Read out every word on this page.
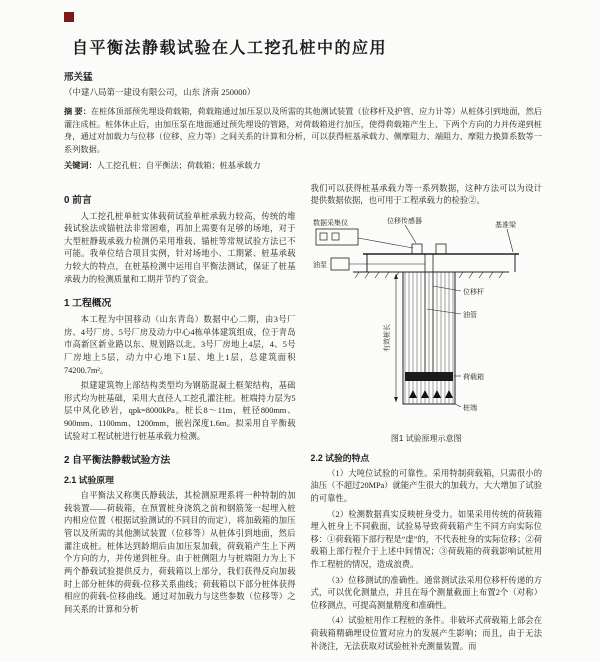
自平衡法静载试验在人工挖孔桩中的应用
邢关猛
（中建八局第一建设有限公司，山东 济南 250000）

摘 要：在桩体顶部预先埋设荷载箱，荷载箱通过加压泵以及所需的其他测试装置（位移杆及护管、应力计等）从桩体引到地面，然后灌注成桩。桩体休止后，由加压泵在地面通过预先埋设的管路，对荷载箱进行加压，使得荷载箱产生上、下两个方向的力并传递到桩身，通过对加载力与位移（位移、应力等）之间关系的计算和分析，可以获得桩基承载力、侧摩阻力、端阻力、摩阻力换算系数等一系列数据。

关键词：人工挖孔桩；自平衡法；荷载箱；桩基承载力

0 前言

人工挖孔桩单桩实体载荷试验单桩承载力较高，传统的堆载试验法或锚桩法非常困难，再加上需要有足够的场地，对于大型桩静载承载力检测仍采用堆载、锚桩等常规试验方法已不可能。我单位结合项目实例，针对场地小、工期紧、桩基承载力较大的特点，在桩基检测中运用自平衡法测试，保证了桩基承载力的检测质量和工期并节约了资金。

1 工程概况

本工程为中国移动（山东青岛）数据中心二期，由3号厂房、4号厂房、5号厂房及动力中心4栋单体建筑组成，位于青岛市高新区新业路以东、规划路以北。3号厂房地上4层，4、5号厂房地上5层，动力中心地下1层、地上1层，总建筑面积74200.7m²。

拟建建筑物上部结构类型均为钢筋混凝土框架结构，基础形式均为桩基础，采用大直径人工挖孔灌注桩。桩端持力层为5层中风化砂岩，qpk=8000kPa。桩长8～11m，桩径800mm、900mm、1100mm、1200mm，嵌岩深度1.6m。拟采用自平衡载试验对工程试桩进行桩基承载力检测。

2 自平衡法静载试验方法
2.1 试验原理

自平衡法又称奥氏静载法，其检测原理系将一种特制的加载装置——荷载箱，在预置桩身浇筑之前和钢筋笼一起埋入桩内相应位置（根据试验测试的不同目的而定），将加载箱的加压管以及所需的其他测试装置（位移等）从桩体引到地面，然后灌注成桩。桩体达到龄期后由加压泵加载，荷载箱产生上下两个方向的力，并传递到桩身。由于桩侧阻力与桩端阻力为上下两个静载试验提供反力，荷载箱以上部分，我们获得反向加载时上部分桩体的荷载-位移关系曲线；荷载箱以下部分桩体获得相应的荷载-位移曲线。通过对加载力与这些参数（位移等）之间关系的计算和分析

我们可以获得桩基承载力等一系列数据，这种方法可以为设计提供数据依据，也可用于工程承载力的检验②。

数据采集仪	位移传感器
基准梁
油泵
有效桩长
位移杆
油管
荷载箱
桩端
图1 试验原理示意图
2.2 试验的特点

（1）大吨位试验的可靠性。采用特制荷载箱，只需很小的油压（不超过20MPa）就能产生很大的加载力，大大增加了试验的可靠性。

（2）检测数据真实反映桩身受力。如果采用传统的荷载箱埋入桩身上不同截面，试验易导致荷载箱产生不同方向实际位移：①荷载箱下部行程是“虚”的，不代表桩身的实际位移；②荷载箱上部行程介于上述中间情况；③荷载箱的荷载影响试桩用作工程桩的情况，造成浪费。

（3）位移测试的准确性。通常测试法采用位移杆传递的方式，可以优化测量点，并且在每个测量截面上布置2个（对称）位移测点，可提高测量精度和准确性。

（4）试验桩用作工程桩的条件。非破坏式荷载箱上部会在荷载箱精确埋设位置对应力的发展产生影响；而且，由于无法补浇注，无法获取对试验桩补充测量装置。而
